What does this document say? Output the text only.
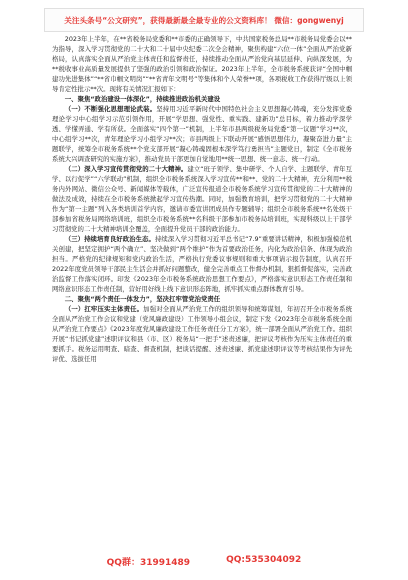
关注头条号“公文研究”，获得最新最全最专业的公文资料库！ 微信：gongwenyj

2023年上半年，在**省税务局党委和**市委的正确领导下，中共国家税务总局**市税务局党委会以**为指导，深入学习贯彻党的二十大和二十届中央纪委二次全会精神，聚焦构建“六位一体”全面从严治党新格局，认真落实全面从严治党主体责任和监督责任，持续推动全面从严治党向基层延伸、向纵深发展，为**税收事业高质量发展提供了坚强的政治引领和政治保证。2023年上半年，全市税务系统获评“全国中帼建功先进集体”“**省巾帼文明岗”“**省青年文明号”等集体和个人荣誉**项，各项税收工作获得厅级以上领导肯定性批示**次。现将有关情况汇报如下：

一、聚焦“政治建设一体深化”，持续推进政治机关建设

（一）不断强化思想理论武装。坚持用习近平新时代中国特色社会主义思想凝心铸魂，充分发挥党委理论学习中心组学习示范引领作用，开展“学思想、强党性、重实践、建新功”总目标，着力推动学深学透、学懂弄通、学有所获。全面落实“四个第一”机制，上半年市县两级税务局党委“第一议题”学习**次，中心组学习**次，青年理论学习小组学习**次；市县两级上下联动开展“感悟思想伟力，凝聚奋进力量”主题联学，统筹全市税务系统**个党支部开展“凝心铸魂固根本深学笃行勇担当”主题党日，制定《全市税务系统大兴调查研究的实施方案》，推动党员干部更加自觉地用**统一思想、统一意志、统一行动。

（二）深入学习宣传贯彻党的二十大精神。建立“班子领学、集中研学、个人自学、主题联学、青年互学、以行促学”“六学联动”机制，组织全市税务系统深入学习宣传**和**、党的二十大精神，充分利用**税务内外网站、微信公众号、新闻媒体等载体，广泛宣传报道全市税务系统学习宣传贯彻党的二十大精神的做法及成效，持续在全市税务系统掀起学习宣传热潮。同时，加强教育培训，把学习贯彻党的二十大精神作为“第一主题”列入各类培训首学内容，邀请市委宣讲团成员作专题辅导；组织全市税务系统**名处级干部参加省税务局网络培训班，组织全市税务系统**名科级干部参加市税务局培训班，实现科级以上干部学习贯彻党的二十大精神培训全覆盖，全面提升党员干部的政治能力。

（三）持续培育良好政治生态。持续深入学习贯彻习近平总书记“7.9”重要讲话精神，积极加强模范机关创建，把坚定拥护“两个确立”、坚决做到“两个维护”作为首要政治任务，内化为政治信条、体现为政治担当。严格党的纪律规矩和党内政治生活，严格执行党委议事规则和重大事项请示报告制度，认真召开2022年度党员领导干部民主生活会并抓好问题整改，健全完善重点工作督办机制，狠抓督促落实，完善政治监督工作落实闭环。印发《2023年全市税务系统政治思想工作要点》，严格落实意识形态工作责任制和网络意识形态工作责任制，营好用好线上线下意识形态阵地，抓牢抓实重点群体教育引导。

二、聚焦“两个责任一体发力”，坚决扛牢管党治党责任

（一）扛牢压实主体责任。加强对全面从严治党工作的组织领导和统筹谋划，年初召开全市税务系统全面从严治党工作会议和党建（党风廉政建设）工作领导小组会议，制定下发《2023年全市税务系统全面从严治党工作要点》《2023年度党风廉政建设工作任务责任分工方案》，统一部署全面从严治党工作。组织开展“书记抓党建”述职评议和县（市、区）税务局“一把手”述责述廉，把评议考核作为压实主体责任的重要抓手。税务运用明查、暗查、督查机制，把谈话提醒、述责述廉、抓党建述职评议等考核结果作为评先评优、选拔任用

QQ群：31991489	QQ:535304092
